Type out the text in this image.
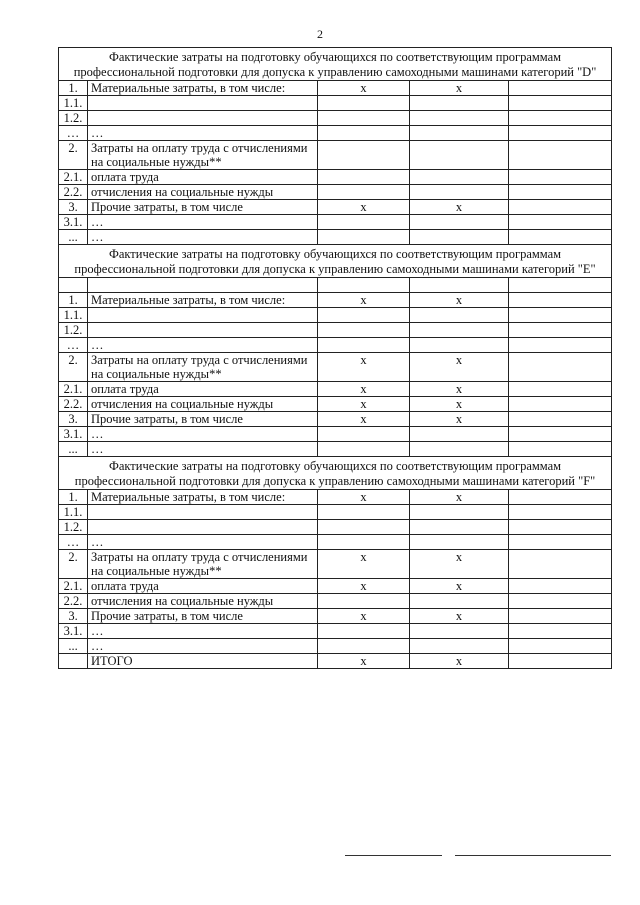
2
Фактические затраты на подготовку обучающихся по соответствующим программам профессиональной подготовки для допуска к управлению самоходными машинами категорий "D"				
1.	Материальные затраты, в том числе:	х	х	
1.1.				
1.2.				
…	…			
2.	Затраты на оплату труда с отчислениями на социальные нужды**			
2.1.	оплата труда			
2.2.	отчисления на социальные нужды			
3.	Прочие затраты, в том числе	х	х	
3.1.	…			
...	…			
Фактические затраты на подготовку обучающихся по соответствующим программам профессиональной подготовки для допуска к управлению самоходными машинами категорий "E"				

1.	Материальные затраты, в том числе:	х	х	
1.1.				
1.2.				
…	…			
2.	Затраты на оплату труда с отчислениями на социальные нужды**	х	х	
2.1.	оплата труда	х	х	
2.2.	отчисления на социальные нужды	х	х	
3.	Прочие затраты, в том числе	х	х	
3.1.	…			
...	…			
Фактические затраты на подготовку обучающихся по соответствующим программам профессиональной подготовки для допуска к управлению самоходными машинами категорий "F"				
1.	Материальные затраты, в том числе:	х	х	
1.1.				
1.2.				
…	…			
2.	Затраты на оплату труда с отчислениями на социальные нужды**	х	х	
2.1.	оплата труда	х	х	
2.2.	отчисления на социальные нужды			
3.	Прочие затраты, в том числе	х	х	
3.1.	…			
...	…			
	ИТОГО	х	х	
